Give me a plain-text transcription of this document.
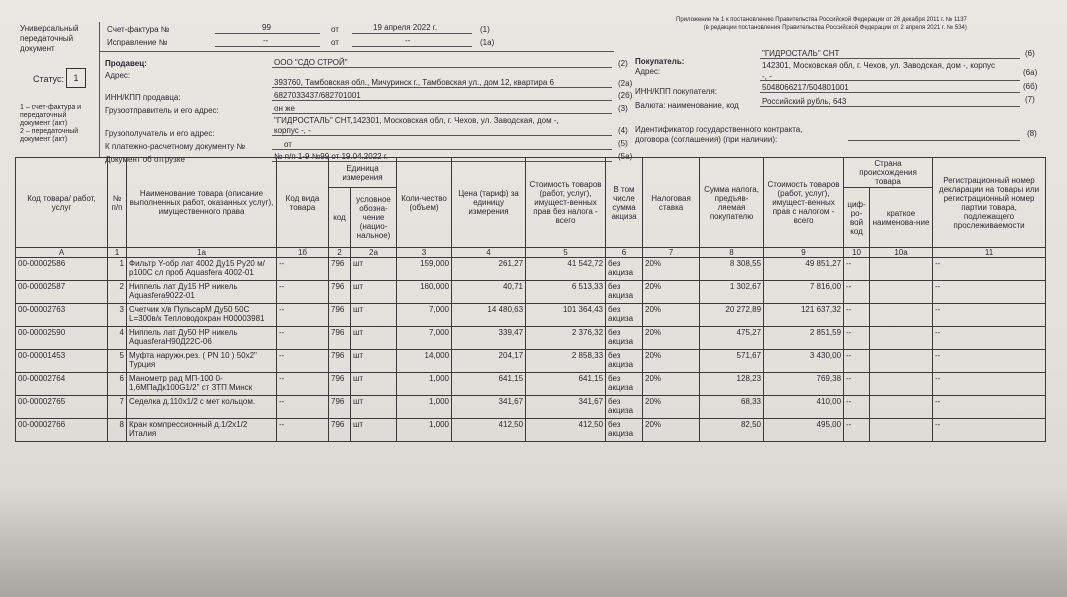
Универсальный
передаточный
документ
Статус:	1
1 – счет-фактура и
передаточный
документ (акт)
2 – передаточный
документ (акт)
Счет-фактура №	99	от	19 апреля 2022 г.	(1)
Исправление №	--	от	--	(1а)
Приложение № 1 к постановлению Правительства Российской Федерации от 26 декабря 2011 г. № 1137
(в редакции постановления Правительства Российской Федерации от 2 апреля 2021 г. № 534)
Продавец:	ООО "СДО СТРОЙ"	(2)
Адрес:
393760, Тамбовская обл., Мичуринск г., Тамбовская ул., дом 12, квартира 6	(2а)
ИНН/КПП продавца:	6827033437/682701001	(2б)
Грузоотправитель и его адрес:	он же	(3)
"ГИДРОСТАЛЬ" СНТ,142301, Московская обл, г. Чехов, ул. Заводская, дом -,
Грузополучатель и его адрес:	корпус -, -	(4)
К платежно-расчетному документу №	от	(5)
Документ об отгрузке	№ п/п 1-9 №99 от 19.04.2022 г.	(5а)
Покупатель:
"ГИДРОСТАЛЬ" СНТ	(6)
Адрес:
142301, Московская обл, г. Чехов, ул. Заводская, дом -, корпус
-, -	(6а)
ИНН/КПП покупателя:	5048066217/504801001	(6б)
Валюта: наименование, код	Российский рубль, 643	(7)
Идентификатор государственного контракта,
договора (соглашения) (при наличии):
(8)
Код товара/ работ, услуг	№ п/п	Наименование товара (описание выполненных работ, оказанных услуг), имущественного права	Код вида товара	Единица измерения		Коли-чество (объем)	Цена (тариф) за единицу измерения	Стоимость товаров (работ, услуг), имущест-венных прав без налога - всего	В том числе сумма акциза	Налоговая ставка	Сумма налога, предъяв-ляемая покупателю	Стоимость товаров (работ, услуг), имущест-венных прав с налогом - всего	Страна происхождения товара		Регистрационный номер декларации на товары или регистрационный номер партии товара, подлежащего прослеживаемости
				код	условное обозна-чение (нацио-нальное)								циф-ро-вой код	краткое наименова-ние	
А	1	1а	1б	2	2а	3	4	5	6	7	8	9	10	10а	11
00-00002586	1	Фильтр Y-обр лат 4002 Ду15 Ру20 м/р100С сл проб Aquasfera 4002-01	--	796	шт	159,000	261,27	41 542,72	без акциза	20%	8 308,55	49 851,27	--		--
00-00002587	2	Ниппель лат Ду15 НР никель Aquasfera9022-01	--	796	шт	160,000	40,71	6 513,33	без акциза	20%	1 302,67	7 816,00	--		--
00-00002763	3	Счетчик х/в ПульсарМ Ду50 50С L=300в/к Тепловодохран Н00003981	--	796	шт	7,000	14 480,63	101 364,43	без акциза	20%	20 272,89	121 637,32	--		--
00-00002590	4	Ниппель лат Ду50 НР никель AquasferaН90Д22С-06	--	796	шт	7,000	339,47	2 376,32	без акциза	20%	475,27	2 851,59	--		--
00-00001453	5	Муфта наружн.рез. ( PN 10 ) 50х2" Турция	--	796	шт	14,000	204,17	2 858,33	без акциза	20%	571,67	3 430,00	--		--
00-00002764	6	Манометр рад МП-100 0-1,6МПаДк100G1/2" ст ЗТП Минск	--	796	шт	1,000	641,15	641,15	без акциза	20%	128,23	769,38	--		--
00-00002765	7	Седелка д.110х1/2 с мет кольцом.	--	796	шт	1,000	341,67	341,67	без акциза	20%	68,33	410,00	--		--
00-00002766	8	Кран компрессионный д.1/2х1/2 Италия	--	796	шт	1,000	412,50	412,50	без акциза	20%	82,50	495,00	--		--
